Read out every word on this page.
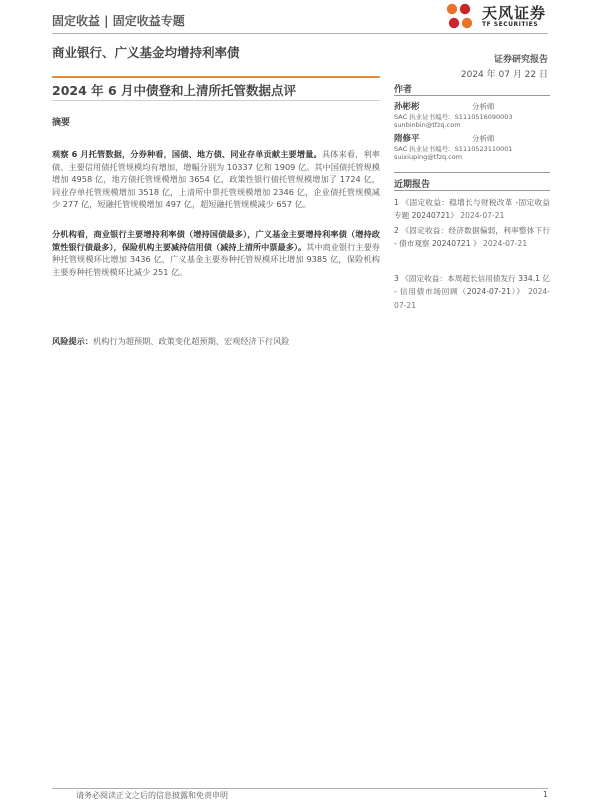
固定收益 | 固定收益专题	天风证券
TF SECURITIES
商业银行、广义基金均增持利率债	证券研究报告
2024 年 07 月 22 日
2024 年 6 月中债登和上清所托管数据点评
摘要
观察 6 月托管数据，分券种看，国债、地方债、同业存单贡献主要增量。具体来看，利率债、主要信用债托管规模均有增加，增幅分别为 10337 亿和 1909 亿。其中国债托管规模增加 4958 亿，地方债托管规模增加 3654 亿，政策性银行债托管规模增加了 1724 亿，同业存单托管规模增加 3518 亿，上清所中票托管规模增加 2346 亿，企业债托管规模减少 277 亿，短融托管规模增加 497 亿，超短融托管规模减少 657 亿。
分机构看，商业银行主要增持利率债（增持国债最多），广义基金主要增持利率债（增持政策性银行债最多），保险机构主要减持信用债（减持上清所中票最多）。其中商业银行主要券种托管规模环比增加 3436 亿，广义基金主要券种托管规模环比增加 9385 亿，保险机构主要券种托管规模环比减少 251 亿。
风险提示：机构行为超预期、政策变化超预期、宏观经济下行风险
作者
孙彬彬	分析师
SAC 执业证书编号：S1110516090003
sunbinbin@tfzq.com
隋修平	分析师
SAC 执业证书编号：S1110523110001
suixiuping@tfzq.com
近期报告
1 《固定收益：稳增长与财税改革 -固定收益专题 20240721》 2024-07-21
2 《固定收益：经济数据偏弱，利率整体下行 - 债市观察 20240721 》 2024-07-21
3 《固定收益：本周超长信用债发行 334.1 亿 - 信用债市场回顾（2024-07-21）》 2024-07-21
请务必阅读正文之后的信息披露和免责申明	1
